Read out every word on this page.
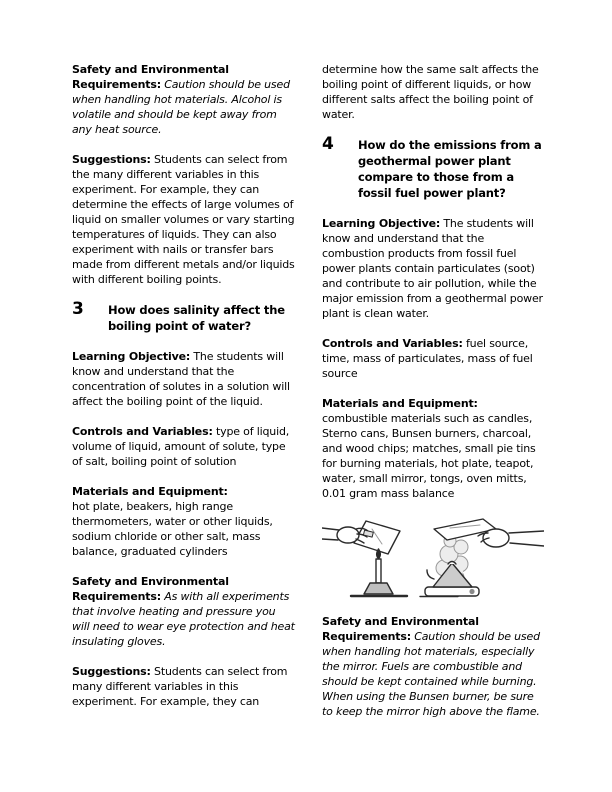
Safety and Environmental Requirements: Caution should be used when handling hot materials. Alcohol is volatile and should be kept away from any heat source.

Suggestions: Students can select from the many different variables in this experiment. For example, they can determine the effects of large volumes of liquid on smaller volumes or vary starting temperatures of liquids. They can also experiment with nails or transfer bars made from different metals and/or liquids with different boiling points.

3	How does salinity affect the boiling point of water?

Learning Objective: The students will know and understand that the concentration of solutes in a solution will affect the boiling point of the liquid.

Controls and Variables: type of liquid, volume of liquid, amount of solute, type of salt, boiling point of solution

Materials and Equipment:
hot plate, beakers, high range thermometers, water or other liquids, sodium chloride or other salt, mass balance, graduated cylinders

Safety and Environmental Requirements: As with all experiments that involve heating and pressure you will need to wear eye protection and heat insulating gloves.

Suggestions: Students can select from many different variables in this experiment. For example, they can

determine how the same salt affects the boiling point of different liquids, or how different salts affect the boiling point of water.

4	How do the emissions from a geothermal power plant compare to those from a fossil fuel power plant?

Learning Objective: The students will know and understand that the combustion products from fossil fuel power plants contain particulates (soot) and contribute to air pollution, while the major emission from a geothermal power plant is clean water.

Controls and Variables: fuel source, time, mass of particulates, mass of fuel source

Materials and Equipment:
combustible materials such as candles, Sterno cans, Bunsen burners, charcoal, and wood chips; matches, small pie tins for burning materials, hot plate, teapot, water, small mirror, tongs, oven mitts, 0.01 gram mass balance

Safety and Environmental Requirements: Caution should be used when handling hot materials, especially the mirror. Fuels are combustible and should be kept contained while burning. When using the Bunsen burner, be sure to keep the mirror high above the flame.
